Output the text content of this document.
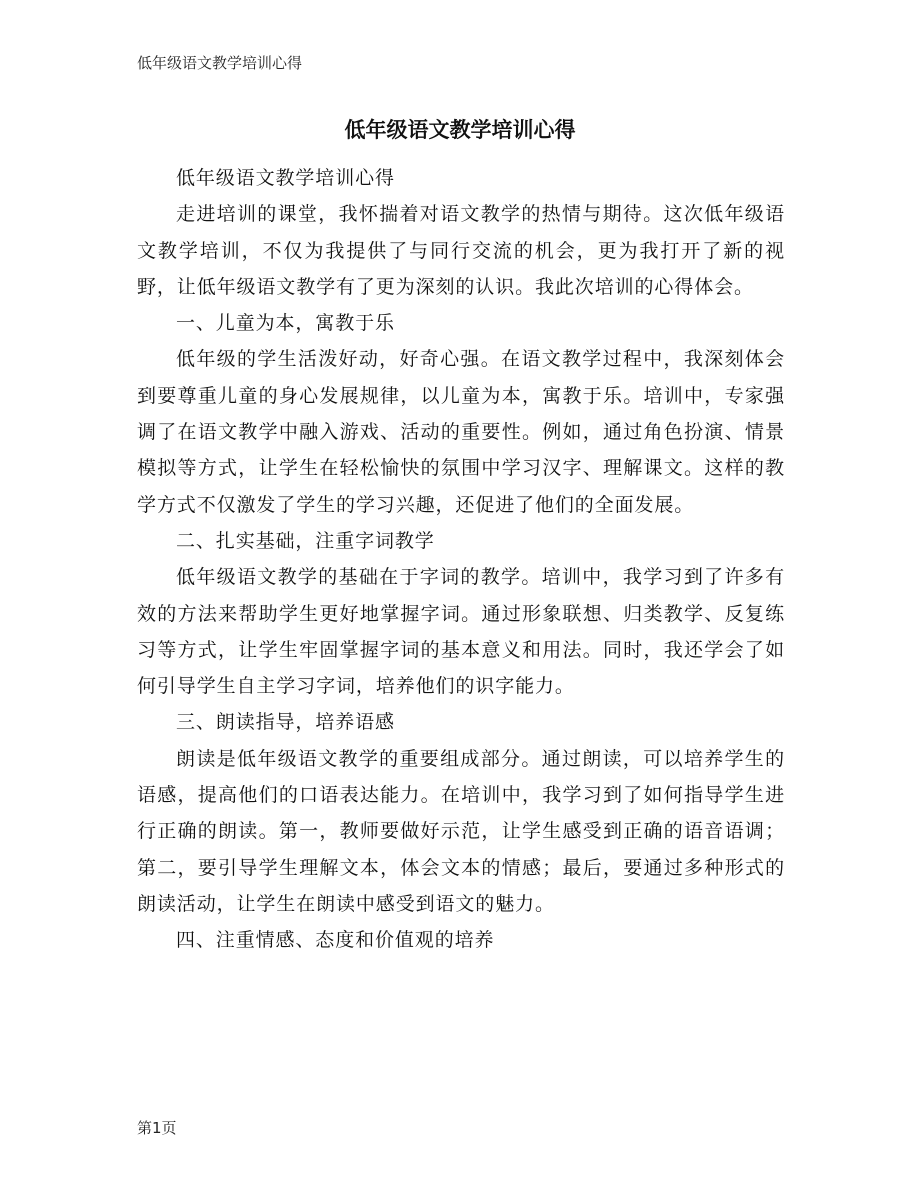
低年级语文教学培训心得
低年级语文教学培训心得

低年级语文教学培训心得

走进培训的课堂，我怀揣着对语文教学的热情与期待。这次低年级语文教学培训，不仅为我提供了与同行交流的机会，更为我打开了新的视野，让低年级语文教学有了更为深刻的认识。我此次培训的心得体会。

一、儿童为本，寓教于乐

低年级的学生活泼好动，好奇心强。在语文教学过程中，我深刻体会到要尊重儿童的身心发展规律，以儿童为本，寓教于乐。培训中，专家强调了在语文教学中融入游戏、活动的重要性。例如，通过角色扮演、情景模拟等方式，让学生在轻松愉快的氛围中学习汉字、理解课文。这样的教学方式不仅激发了学生的学习兴趣，还促进了他们的全面发展。

二、扎实基础，注重字词教学

低年级语文教学的基础在于字词的教学。培训中，我学习到了许多有效的方法来帮助学生更好地掌握字词。通过形象联想、归类教学、反复练习等方式，让学生牢固掌握字词的基本意义和用法。同时，我还学会了如何引导学生自主学习字词，培养他们的识字能力。

三、朗读指导，培养语感

朗读是低年级语文教学的重要组成部分。通过朗读，可以培养学生的语感，提高他们的口语表达能力。在培训中，我学习到了如何指导学生进行正确的朗读。第一，教师要做好示范，让学生感受到正确的语音语调；第二，要引导学生理解文本，体会文本的情感；最后，要通过多种形式的朗读活动，让学生在朗读中感受到语文的魅力。

四、注重情感、态度和价值观的培养

第1页
